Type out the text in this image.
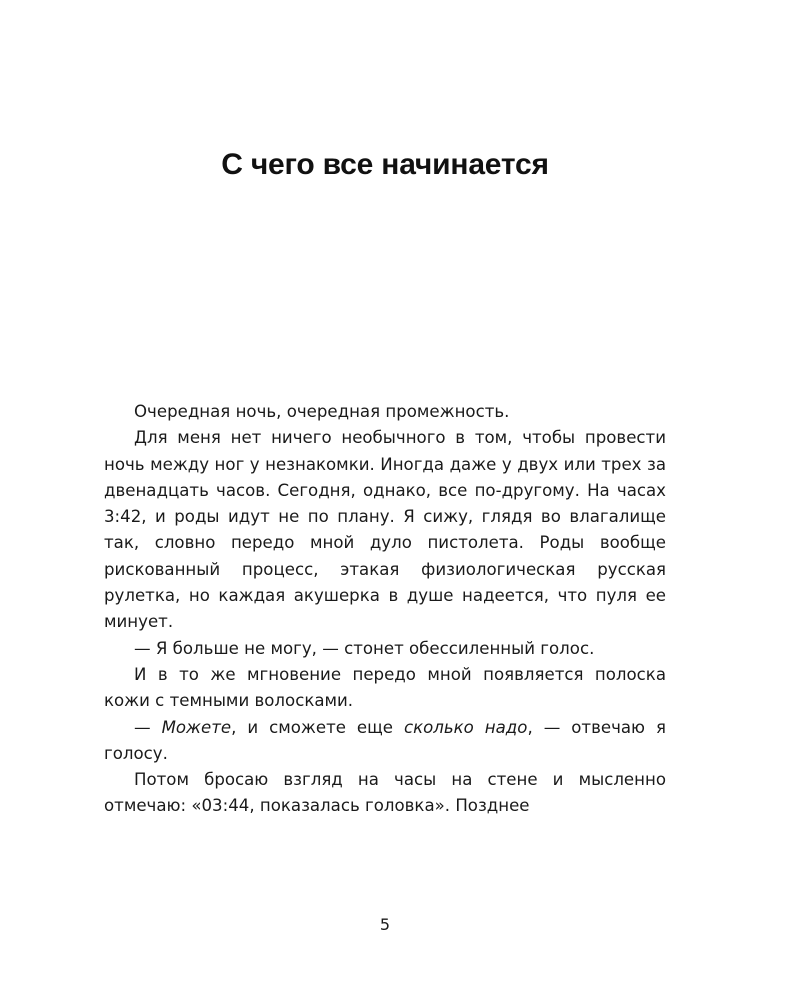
С чего все начинается

Очередная ночь, очередная промежность.

Для меня нет ничего необычного в том, чтобы провести ночь между ног у незнакомки. Иногда даже у двух или трех за двенадцать часов. Сегодня, однако, все по-другому. На часах 3:42, и роды идут не по плану. Я сижу, глядя во влагалище так, словно передо мной дуло пистолета. Роды вообще рискованный процесс, этакая физиологическая русская рулетка, но каждая акушерка в душе надеется, что пуля ее минует.

— Я больше не могу, — стонет обессиленный голос.

И в то же мгновение передо мной появляется полоска кожи с темными волосками.

— Можете, и сможете еще сколько надо, — отвечаю я голосу.

Потом бросаю взгляд на часы на стене и мысленно отмечаю: «03:44, показалась головка». Позднее

5
